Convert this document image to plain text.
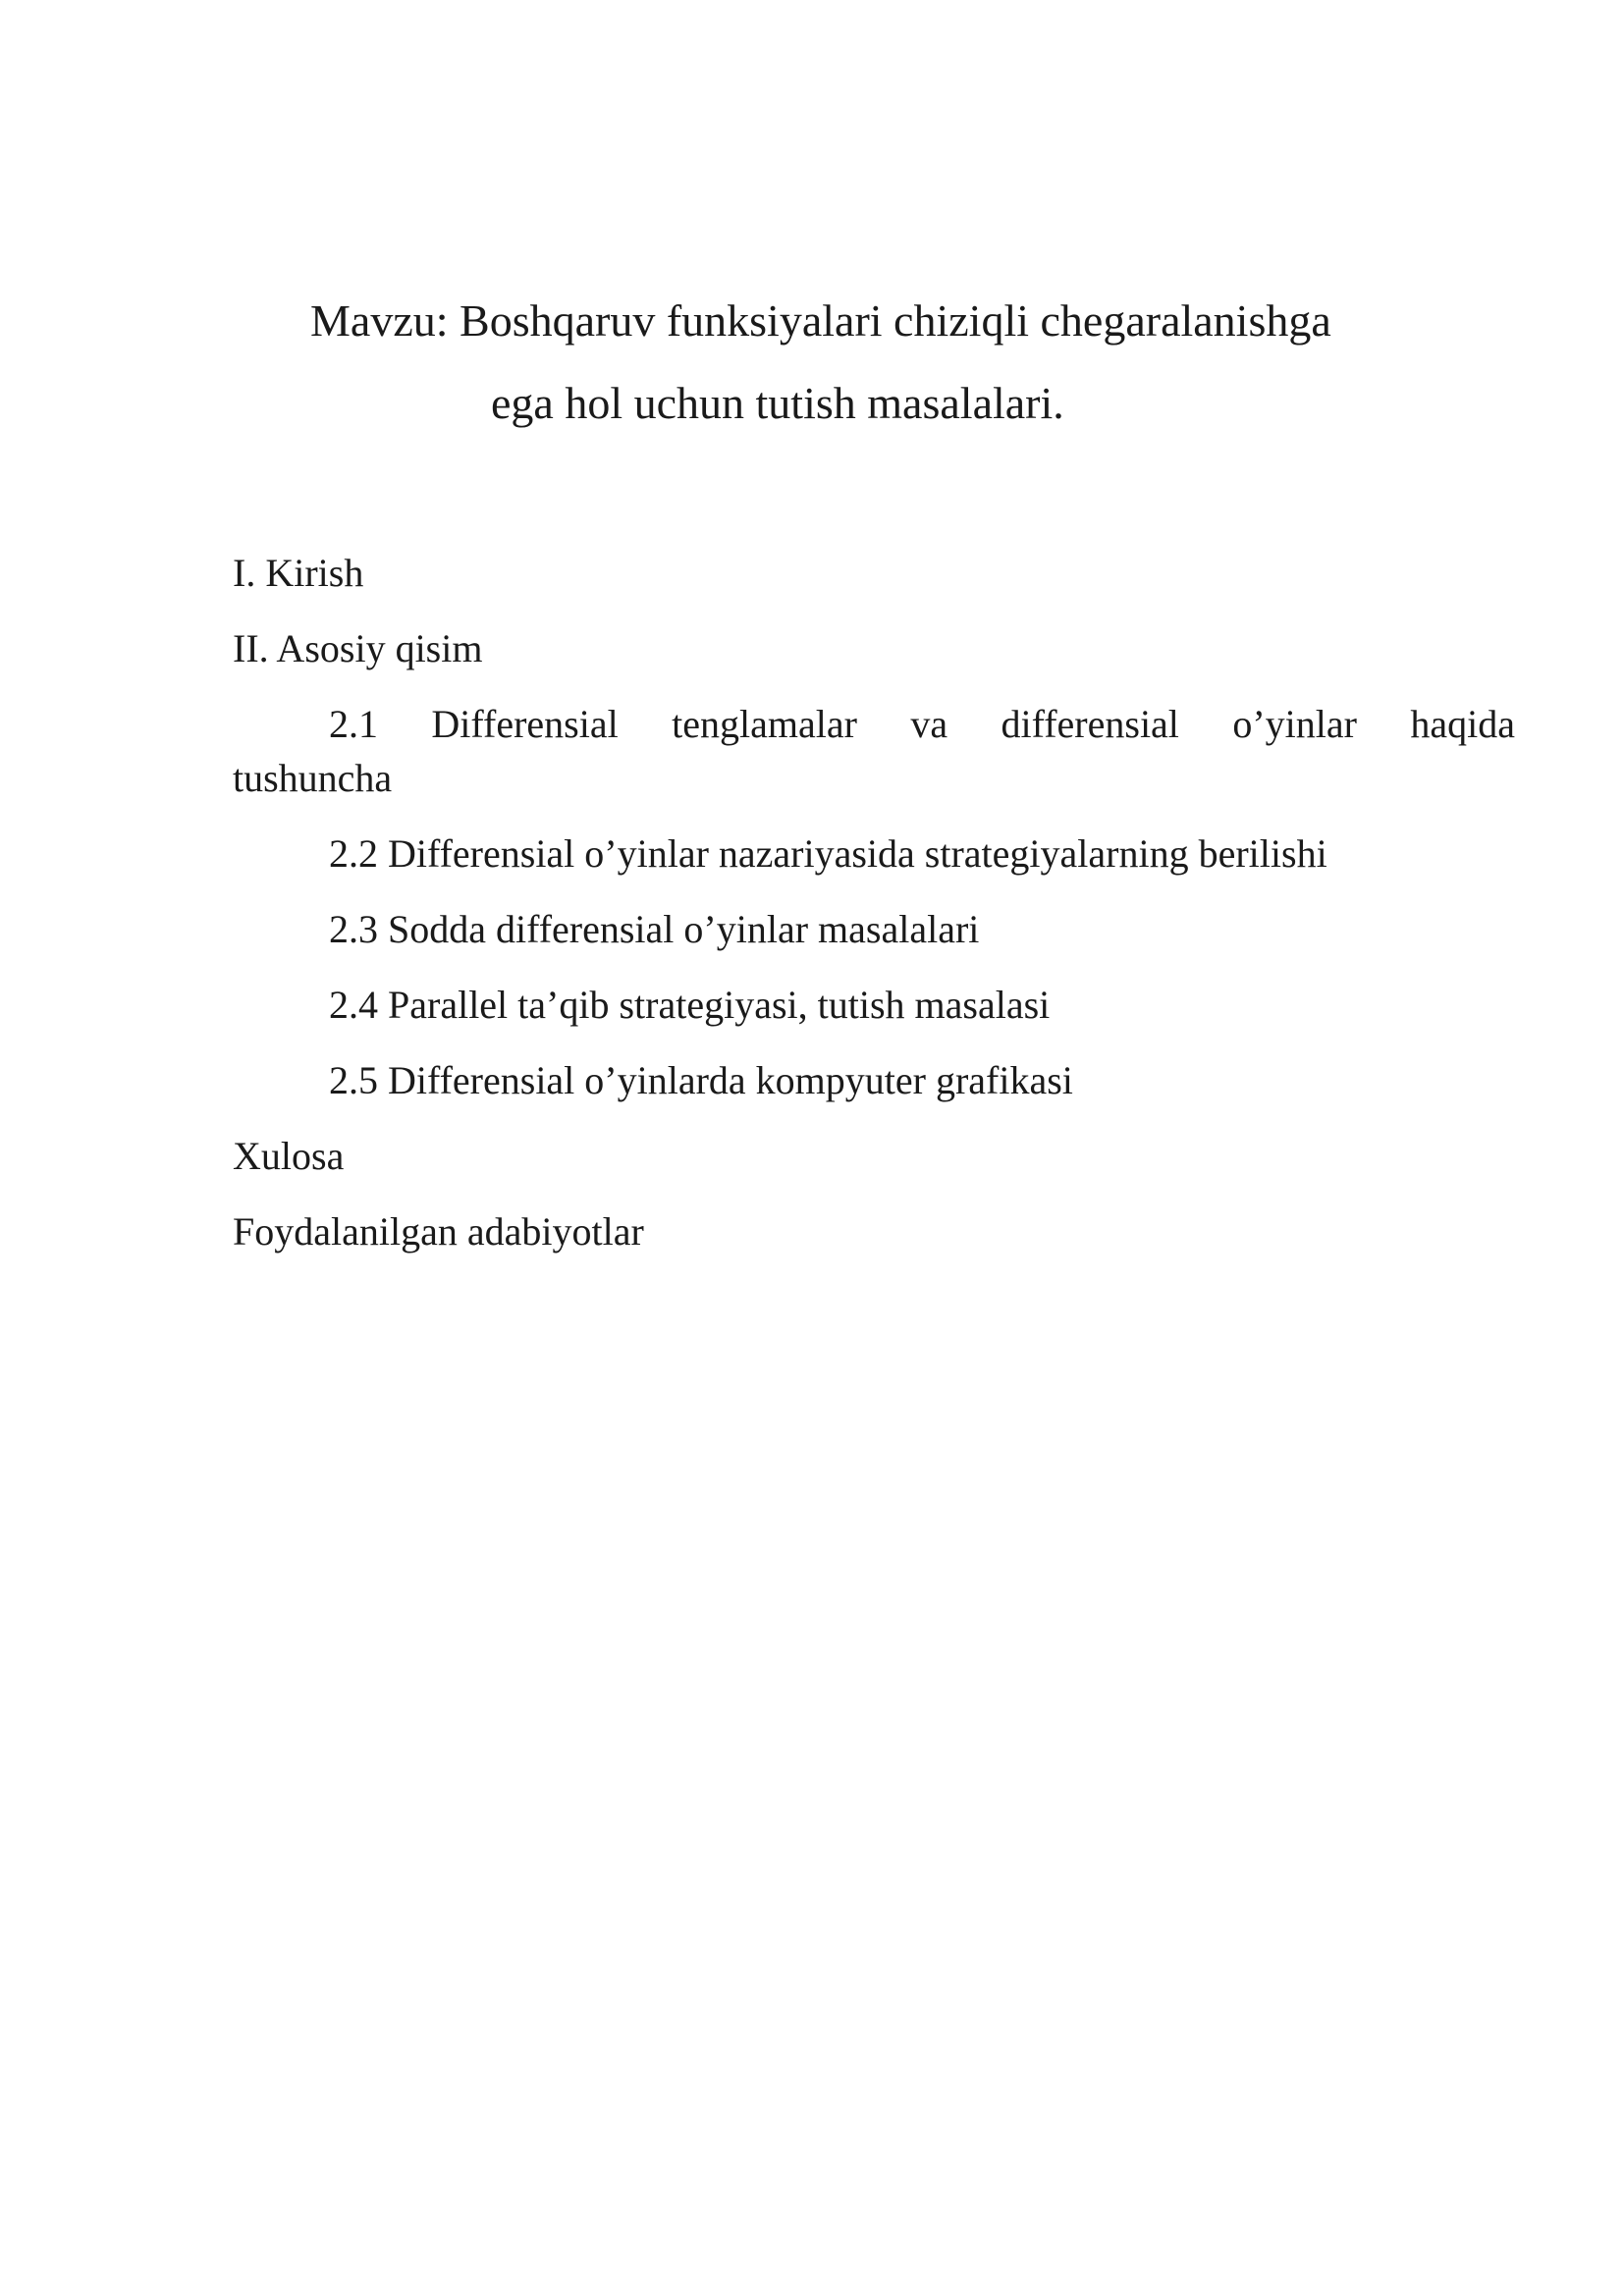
Mavzu: Boshqaruv funksiyalari chiziqli chegaralanishga
ega hol uchun tutish masalalari.
I. Kirish
II. Asosiy qisim
2.1 Differensial tenglamalar va differensial o’yinlar haqida
tushuncha
2.2 Differensial o’yinlar nazariyasida strategiyalarning berilishi
2.3 Sodda differensial o’yinlar masalalari
2.4 Parallel ta’qib strategiyasi, tutish masalasi
2.5 Differensial o’yinlarda kompyuter grafikasi
Xulosa
Foydalanilgan adabiyotlar
